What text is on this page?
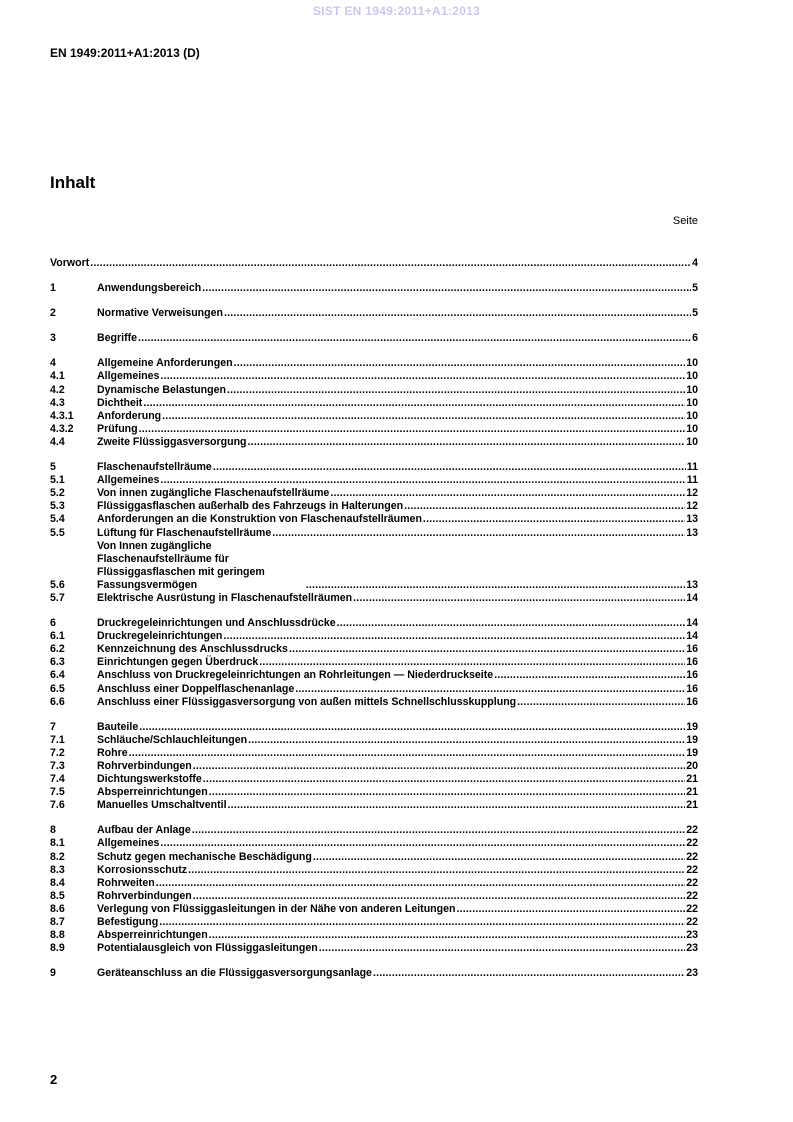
SIST EN 1949:2011+A1:2013
EN 1949:2011+A1:2013 (D)
Inhalt
Seite
Vorwort .....	4
1	Anwendungsbereich .....	5
2	Normative Verweisungen .....	5
3	Begriffe .....	6
4	Allgemeine Anforderungen .....	10
4.1	Allgemeines .....	10
4.2	Dynamische Belastungen .....	10
4.3	Dichtheit .....	10
4.3.1	Anforderung .....	10
4.3.2	Prüfung .....	10
4.4	Zweite Flüssiggasversorgung .....	10
5	Flaschenaufstellräume .....	11
5.1	Allgemeines .....	11
5.2	Von innen zugängliche Flaschenaufstellräume .....	12
5.3	Flüssiggasflaschen außerhalb des Fahrzeugs in Halterungen .....	12
5.4	Anforderungen an die Konstruktion von Flaschenaufstellräumen .....	13
5.5	Lüftung für Flaschenaufstellräume .....	13
5.6
Von Innen zugängliche Flaschenaufstellräume für Flüssiggasflaschen mit geringem Fassungsvermögen .....	13
5.7	Elektrische Ausrüstung in Flaschenaufstellräumen .....	14
6	Druckregeleinrichtungen und Anschlussdrücke .....	14
6.1	Druckregeleinrichtungen .....	14
6.2	Kennzeichnung des Anschlussdrucks .....	16
6.3	Einrichtungen gegen Überdruck .....	16
6.4	Anschluss von Druckregeleinrichtungen an Rohrleitungen — Niederdruckseite .....	16
6.5	Anschluss einer Doppelflaschenanlage .....	16
6.6	Anschluss einer Flüssiggasversorgung von außen mittels Schnellschlusskupplung .....	16
7	Bauteile .....	19
7.1	Schläuche/Schlauchleitungen .....	19
7.2	Rohre .....	19
7.3	Rohrverbindungen .....	20
7.4	Dichtungswerkstoffe .....	21
7.5	Absperreinrichtungen .....	21
7.6	Manuelles Umschaltventil .....	21
8	Aufbau der Anlage .....	22
8.1	Allgemeines .....	22
8.2	Schutz gegen mechanische Beschädigung .....	22
8.3	Korrosionsschutz .....	22
8.4	Rohrweiten .....	22
8.5	Rohrverbindungen .....	22
8.6	Verlegung von Flüssiggasleitungen in der Nähe von anderen Leitungen .....	22
8.7	Befestigung .....	22
8.8	Absperreinrichtungen .....	23
8.9	Potentialausgleich von Flüssiggasleitungen .....	23
9	Geräteanschluss an die Flüssiggasversorgungsanlage .....	23
2
